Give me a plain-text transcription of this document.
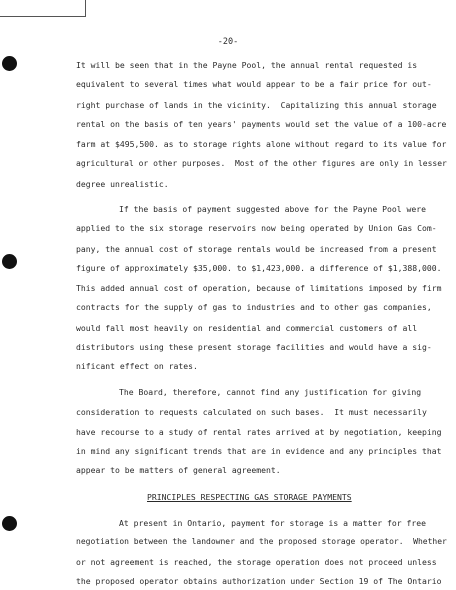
-20-
It will be seen that in the Payne Pool, the annual rental requested is
equivalent to several times what would appear to be a fair price for out-
right purchase of lands in the vicinity.  Capitalizing this annual storage
rental on the basis of ten years' payments would set the value of a 100-acre
farm at $495,500. as to storage rights alone without regard to its value for
agricultural or other purposes.  Most of the other figures are only in lesser
degree unrealistic.
If the basis of payment suggested above for the Payne Pool were
applied to the six storage reservoirs now being operated by Union Gas Com-
pany, the annual cost of storage rentals would be increased from a present
figure of approximately $35,000. to $1,423,000. a difference of $1,388,000.
This added annual cost of operation, because of limitations imposed by firm
contracts for the supply of gas to industries and to other gas companies,
would fall most heavily on residential and commercial customers of all
distributors using these present storage facilities and would have a sig-
nificant effect on rates.
The Board, therefore, cannot find any justification for giving
consideration to requests calculated on such bases.  It must necessarily
have recourse to a study of rental rates arrived at by negotiation, keeping
in mind any significant trends that are in evidence and any principles that
appear to be matters of general agreement.
PRINCIPLES RESPECTING GAS STORAGE PAYMENTS
At present in Ontario, payment for storage is a matter for free
negotiation between the landowner and the proposed storage operator.  Whether
or not agreement is reached, the storage operation does not proceed unless
the proposed operator obtains authorization under Section 19 of The Ontario
